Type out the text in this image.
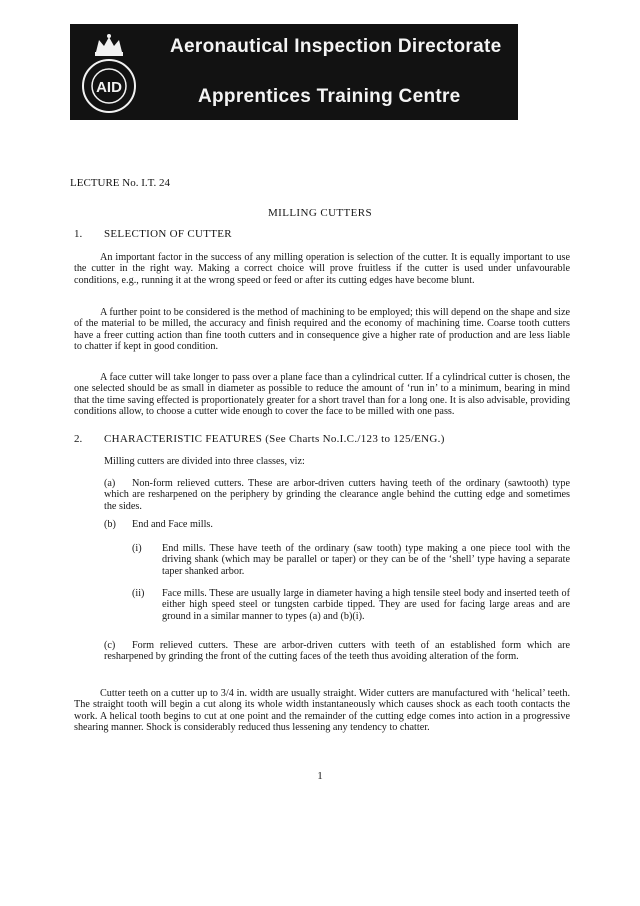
AID
Aeronautical Inspection Directorate
Apprentices Training Centre
LECTURE No. I.T. 24
MILLING CUTTERS
1. SELECTION OF CUTTER

An important factor in the success of any milling operation is selection of the cutter. It is equally important to use the cutter in the right way. Making a correct choice will prove fruitless if the cutter is used under unfavourable conditions, e.g., running it at the wrong speed or feed or after its cutting edges have become blunt.

A further point to be considered is the method of machining to be employed; this will depend on the shape and size of the material to be milled, the accuracy and finish required and the economy of machining time. Coarse tooth cutters have a freer cutting action than fine tooth cutters and in consequence give a higher rate of production and are less liable to chatter if kept in good condition.

A face cutter will take longer to pass over a plane face than a cylindrical cutter. If a cylindrical cutter is chosen, the one selected should be as small in diameter as possible to reduce the amount of ‘run in’ to a minimum, bearing in mind that the time saving effected is proportionately greater for a short travel than for a long one. It is also advisable, providing conditions allow, to choose a cutter wide enough to cover the face to be milled with one pass.

2. CHARACTERISTIC FEATURES (See Charts No.I.C./123 to 125/ENG.)
Milling cutters are divided into three classes, viz:
(a)	Non-form relieved cutters. These are arbor-driven cutters having teeth of the ordinary (sawtooth) type which are resharpened on the periphery by grinding the clearance angle behind the cutting edge and sometimes the sides.

(b) End and Face mills.
(i) End mills. These have teeth of the ordinary (saw tooth) type making a one piece tool with the driving shank (which may be parallel or taper) or they can be of the ‘shell’ type having a separate taper shanked arbor.

(ii) Face mills. These are usually large in diameter having a high tensile steel body and inserted teeth of either high speed steel or tungsten carbide tipped. They are used for facing large areas and are ground in a similar manner to types (a) and (b)(i).

(c)	Form relieved cutters. These are arbor-driven cutters with teeth of an established form which are resharpened by grinding the front of the cutting faces of the teeth thus avoiding alteration of the form.

Cutter teeth on a cutter up to 3/4 in. width are usually straight. Wider cutters are manufactured with ‘helical’ teeth. The straight tooth will begin a cut along its whole width instantaneously which causes shock as each tooth contacts the work. A helical tooth begins to cut at one point and the remainder of the cutting edge comes into action in a progressive shearing manner. Shock is considerably reduced thus lessening any tendency to chatter.

1
